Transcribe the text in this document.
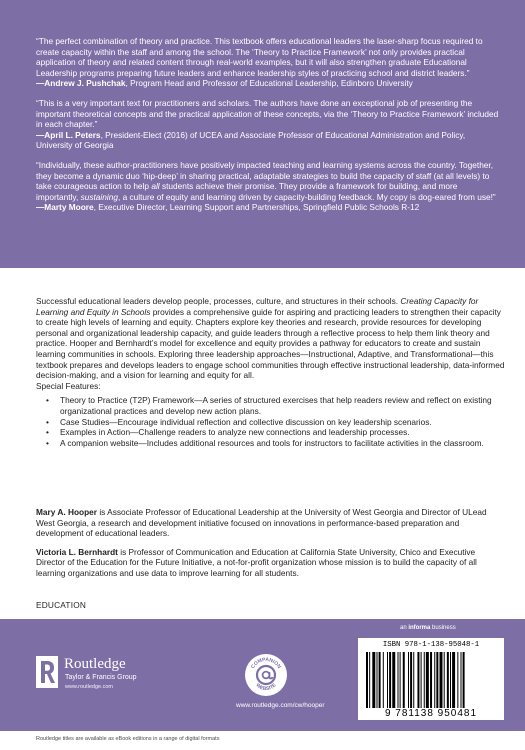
“The perfect combination of theory and practice. This textbook offers educational leaders the laser-sharp focus required to create capacity within the staff and among the school. The ‘Theory to Practice Framework’ not only provides practical application of theory and related content through real-world examples, but it will also strengthen graduate Educational Leadership programs preparing future leaders and enhance leadership styles of practicing school and district leaders.”

—Andrew J. Pushchak, Program Head and Professor of Educational Leadership, Edinboro University

“This is a very important text for practitioners and scholars. The authors have done an exceptional job of presenting the important theoretical concepts and the practical application of these concepts, via the ‘Theory to Practice Framework’ included in each chapter.”

—April L. Peters, President-Elect (2016) of UCEA and Associate Professor of Educational Administration and Policy, University of Georgia

“Individually, these author-practitioners have positively impacted teaching and learning systems across the country. Together, they become a dynamic duo ‘hip-deep’ in sharing practical, adaptable strategies to build the capacity of staff (at all levels) to take courageous action to help all students achieve their promise. They provide a framework for building, and more importantly, sustaining, a culture of equity and learning driven by capacity-building feedback. My copy is dog-eared from use!”

—Marty Moore, Executive Director, Learning Support and Partnerships, Springfield Public Schools R-12

Successful educational leaders develop people, processes, culture, and structures in their schools. Creating Capacity for Learning and Equity in Schools provides a comprehensive guide for aspiring and practicing leaders to strengthen their capacity to create high levels of learning and equity. Chapters explore key theories and research, provide resources for developing personal and organizational leadership capacity, and guide leaders through a reflective process to help them link theory and practice. Hooper and Bernhardt’s model for excellence and equity provides a pathway for educators to create and sustain learning communities in schools. Exploring three leadership approaches—Instructional, Adaptive, and Transformational—this textbook prepares and develops leaders to engage school communities through effective instructional leadership, data-informed decision-making, and a vision for learning and equity for all.

Special Features:

• Theory to Practice (T2P) Framework—A series of structured exercises that help readers review and reflect on existing organizational practices and develop new action plans.
• Case Studies—Encourage individual reflection and collective discussion on key leadership scenarios.
• Examples in Action—Challenge readers to analyze new connections and leadership processes.
• A companion website—Includes additional resources and tools for instructors to facilitate activities in the classroom.

Mary A. Hooper is Associate Professor of Educational Leadership at the University of West Georgia and Director of ULead West Georgia, a research and development initiative focused on innovations in performance-based preparation and development of educational leaders.

Victoria L. Bernhardt is Professor of Communication and Education at California State University, Chico and Executive Director of the Education for the Future Initiative, a not-for-profit organization whose mission is to build the capacity of all learning organizations and use data to improve learning for all students.

EDUCATION
Routledge
Taylor & Francis Group
www.routledge.com
COMPANION
WEBSITE
www.routledge.com/cw/hooper
an informa business
ISBN 978-1-138-95048-1
9 781138 950481
Routledge titles are available as eBook editions in a range of digital formats
